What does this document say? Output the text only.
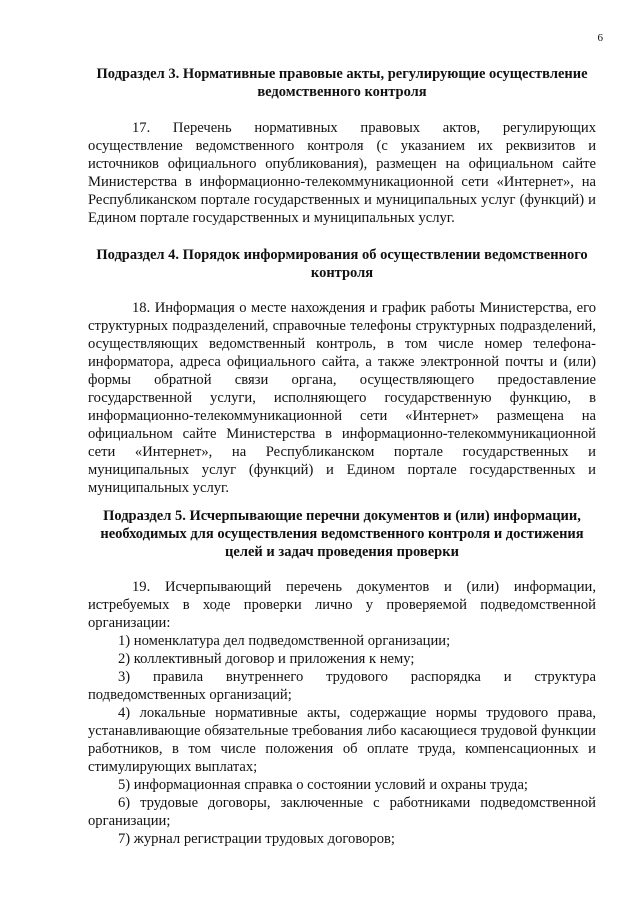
6
Подраздел 3. Нормативные правовые акты, регулирующие осуществление ведомственного контроля
17. Перечень нормативных правовых актов, регулирующих осуществление ведомственного контроля (с указанием их реквизитов и источников официального опубликования), размещен на официальном сайте Министерства в информационно-телекоммуникационной сети «Интернет», на Республиканском портале государственных и муниципальных услуг (функций) и Едином портале государственных и муниципальных услуг.
Подраздел 4. Порядок информирования об осуществлении ведомственного контроля
18. Информация о месте нахождения и график работы Министерства, его структурных подразделений, справочные телефоны структурных подразделений, осуществляющих ведомственный контроль, в том числе номер телефона-информатора, адреса официального сайта, а также электронной почты и (или) формы обратной связи органа, осуществляющего предоставление государственной услуги, исполняющего государственную функцию, в информационно-телекоммуникационной сети «Интернет» размещена на официальном сайте Министерства в информационно-телекоммуникационной сети «Интернет», на Республиканском портале государственных и муниципальных услуг (функций) и Едином портале государственных и муниципальных услуг.
Подраздел 5. Исчерпывающие перечни документов и (или) информации, необходимых для осуществления ведомственного контроля и достижения целей и задач проведения проверки
19. Исчерпывающий перечень документов и (или) информации, истребуемых в ходе проверки лично у проверяемой подведомственной организации:
1) номенклатура дел подведомственной организации;
2) коллективный договор и приложения к нему;
3) правила внутреннего трудового распорядка и структура подведомственных организаций;
4) локальные нормативные акты, содержащие нормы трудового права, устанавливающие обязательные требования либо касающиеся трудовой функции работников, в том числе положения об оплате труда, компенсационных и стимулирующих выплатах;
5) информационная справка о состоянии условий и охраны труда;
6) трудовые договоры, заключенные с работниками подведомственной организации;
7) журнал регистрации трудовых договоров;
